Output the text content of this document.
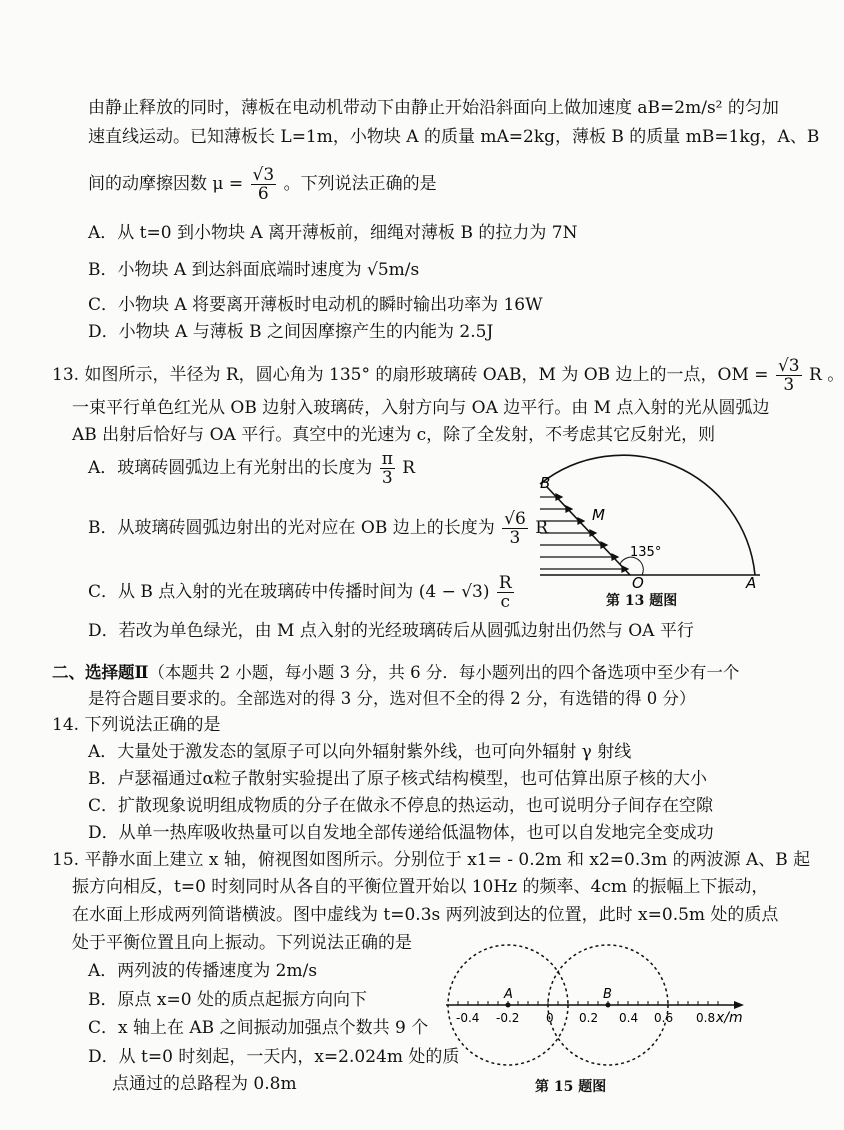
由静止释放的同时，薄板在电动机带动下由静止开始沿斜面向上做加速度 aB=2m/s² 的匀加
速直线运动。已知薄板长 L=1m，小物块 A 的质量 mA=2kg，薄板 B 的质量 mB=1kg，A、B
间的动摩擦因数 $\mu = \frac{√3}{6}$ 。下列说法正确的是
A．从 t=0 到小物块 A 离开薄板前，细绳对薄板 B 的拉力为 7N
B．小物块 A 到达斜面底端时速度为 √5m/s
C．小物块 A 将要离开薄板时电动机的瞬时输出功率为 16W
D．小物块 A 与薄板 B 之间因摩擦产生的内能为 2.5J
13. 如图所示，半径为 R，圆心角为 135° 的扇形玻璃砖 OAB，M 为 OB 边上的一点，OM = $\frac{√3}{3}$ R 。
一束平行单色红光从 OB 边射入玻璃砖，入射方向与 OA 边平行。由 M 点入射的光从圆弧边
AB 出射后恰好与 OA 平行。真空中的光速为 c，除了全发射，不考虑其它反射光，则
A．玻璃砖圆弧边上有光射出的长度为 $\frac{\pi}{3}$ R
B．从玻璃砖圆弧边射出的光对应在 OB 边上的长度为 $\frac{√6}{3}$ R
C．从 B 点入射的光在玻璃砖中传播时间为 $(4 - √3) \frac{R}{c}$
D．若改为单色绿光，由 M 点入射的光经玻璃砖后从圆弧边射出仍然与 OA 平行
B
M
135°
O	A
第 13 题图
二、选择题Ⅱ（本题共 2 小题，每小题 3 分，共 6 分．每小题列出的四个备选项中至少有一个
是符合题目要求的。全部选对的得 3 分，选对但不全的得 2 分，有选错的得 0 分）
14. 下列说法正确的是
A．大量处于激发态的氢原子可以向外辐射紫外线，也可向外辐射 γ 射线
B．卢瑟福通过α粒子散射实验提出了原子核式结构模型，也可估算出原子核的大小
C．扩散现象说明组成物质的分子在做永不停息的热运动，也可说明分子间存在空隙
D．从单一热库吸收热量可以自发地全部传递给低温物体，也可以自发地完全变成功
15. 平静水面上建立 x 轴，俯视图如图所示。分别位于 x1= - 0.2m 和 x2=0.3m 的两波源 A、B 起
振方向相反，t=0 时刻同时从各自的平衡位置开始以 10Hz 的频率、4cm 的振幅上下振动，
在水面上形成两列简谐横波。图中虚线为 t=0.3s 两列波到达的位置，此时 x=0.5m 处的质点
处于平衡位置且向上振动。下列说法正确的是
A．两列波的传播速度为 2m/s
B．原点 x=0 处的质点起振方向向下
C．x 轴上在 AB 之间振动加强点个数共 9 个
D．从 t=0 时刻起，一天内，x=2.024m 处的质
点通过的总路程为 0.8m
A	B
-0.4 -0.2 0 0.2 0.4 0.6 0.8 x/m
第 15 题图
